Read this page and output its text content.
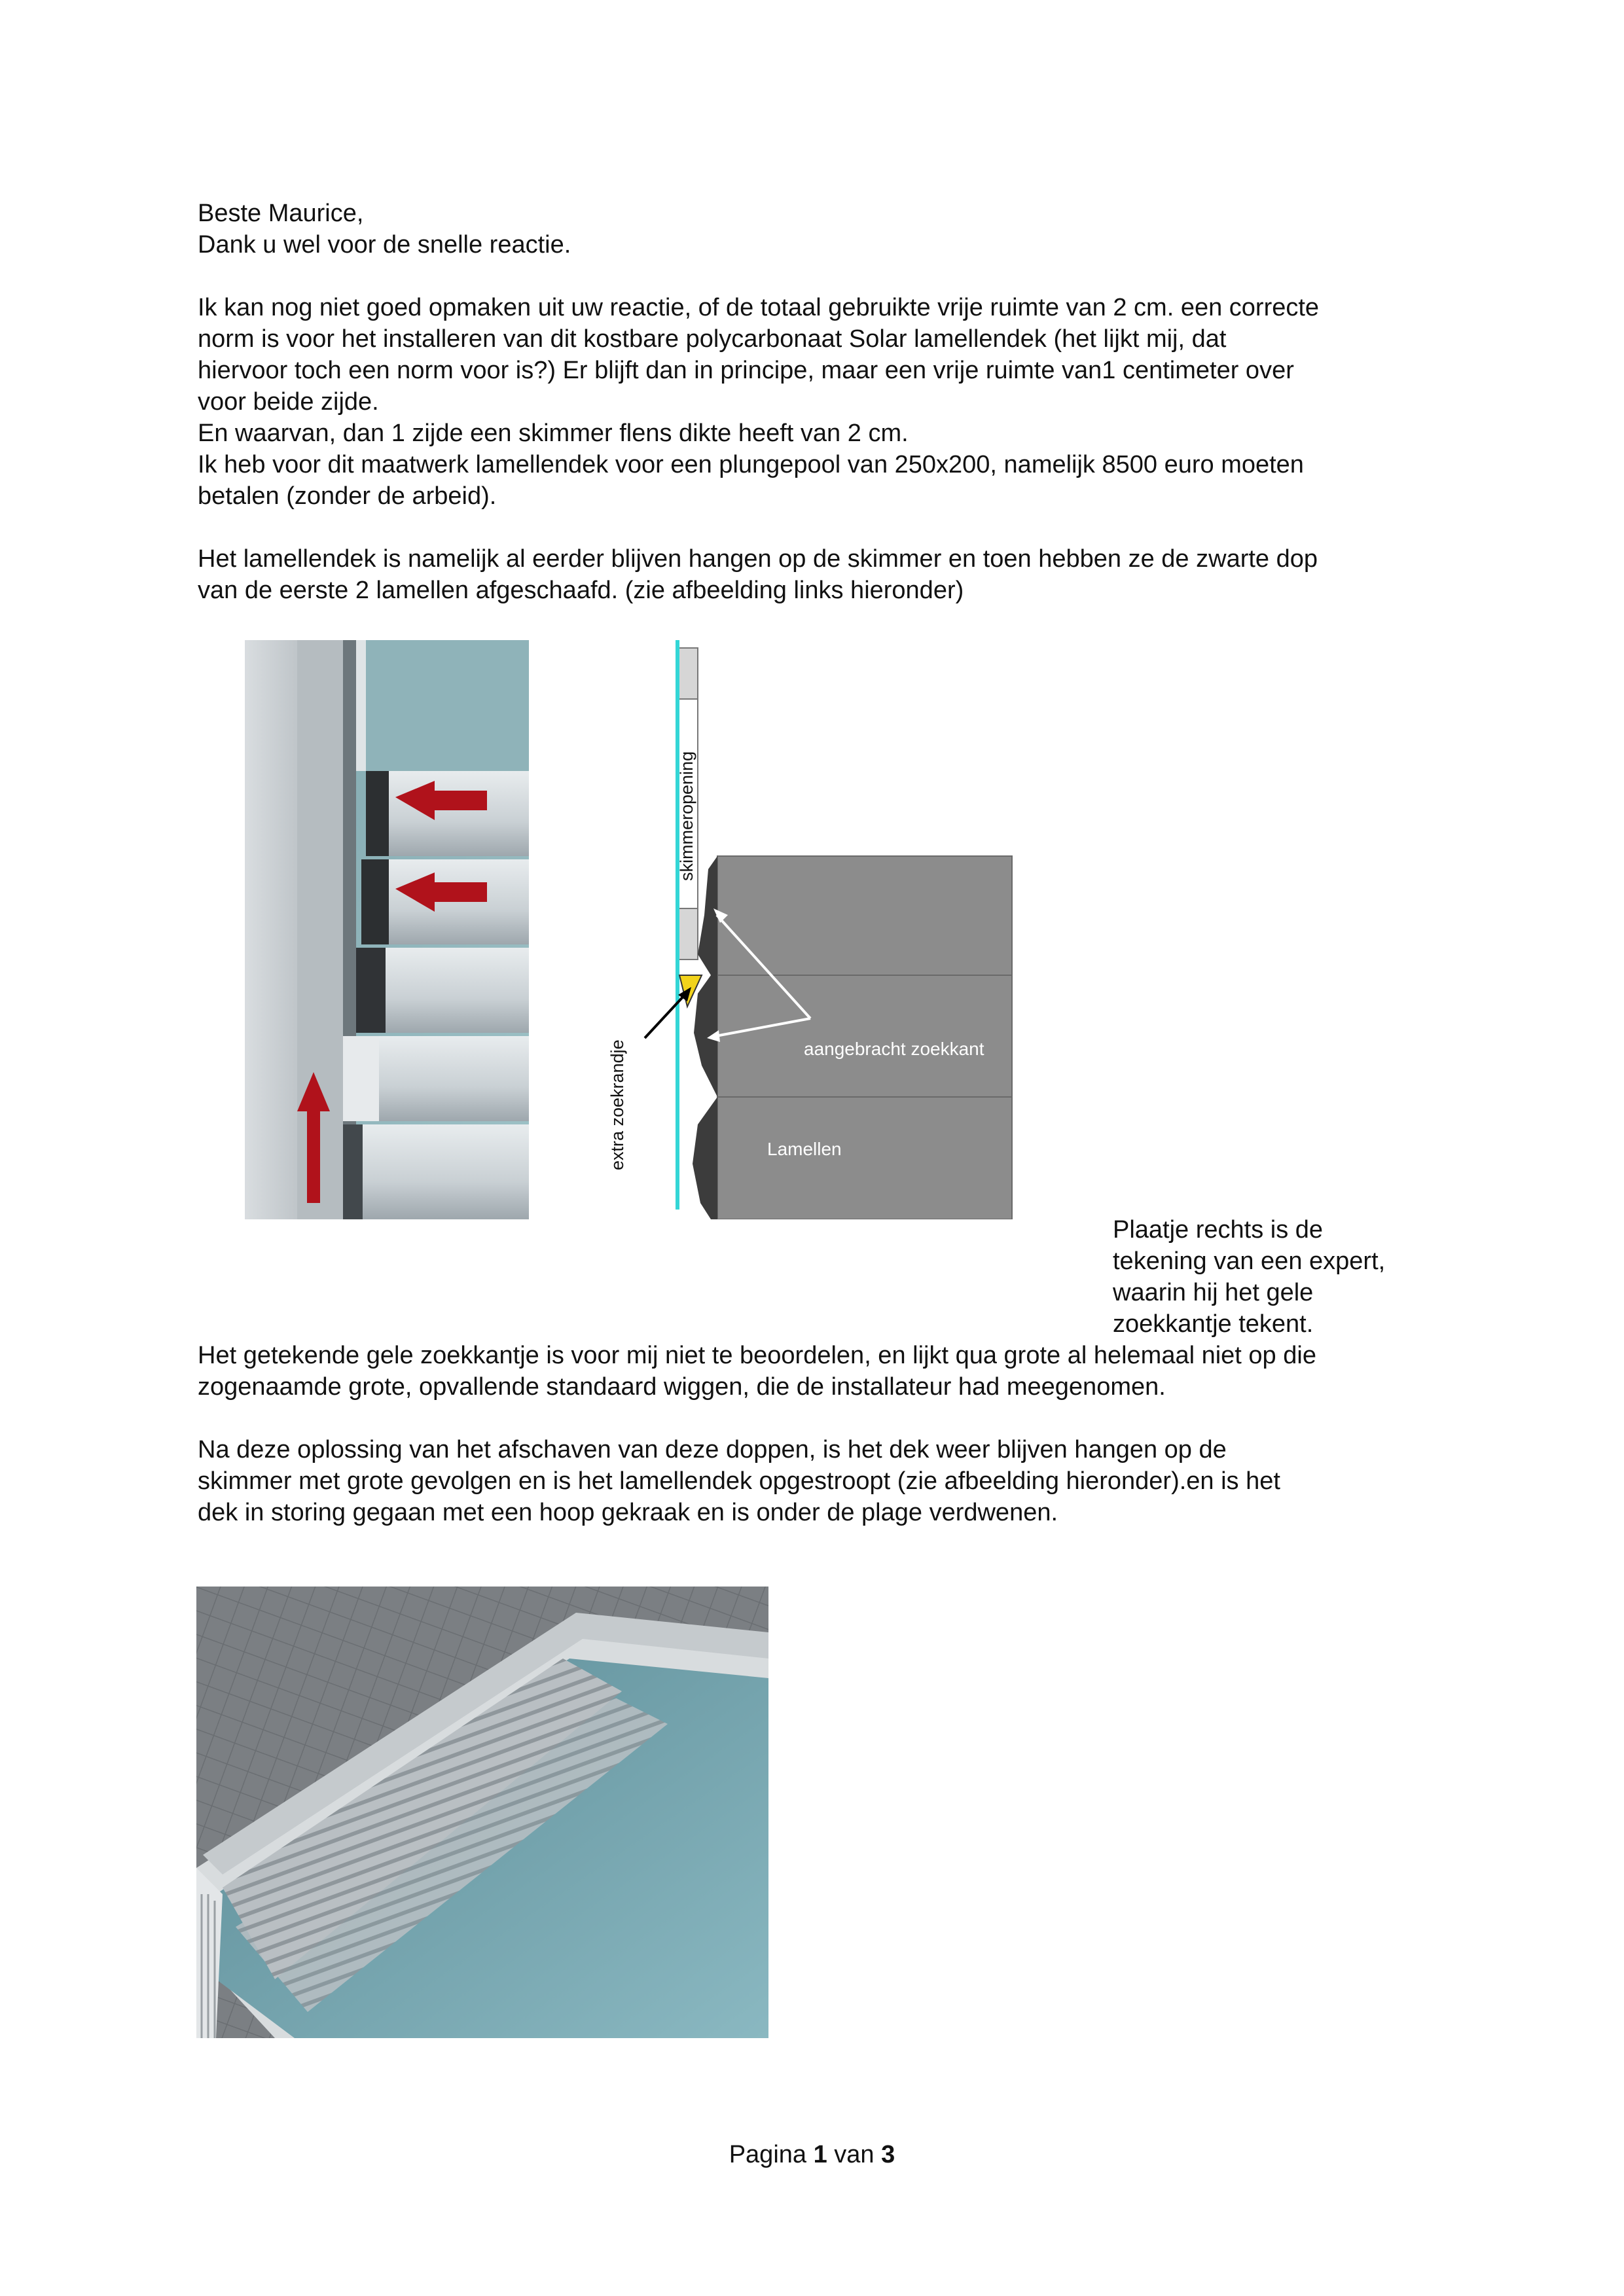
Beste Maurice,

Dank u wel voor de snelle reactie.

Ik kan nog niet goed opmaken uit uw reactie, of de totaal gebruikte vrije ruimte van 2 cm. een correcte

norm is voor het installeren van dit kostbare polycarbonaat Solar lamellendek (het lijkt mij, dat

hiervoor toch een norm voor is?) Er blijft dan in principe, maar een vrije ruimte van1 centimeter over

voor beide zijde.

En waarvan, dan 1 zijde een skimmer flens dikte heeft van 2 cm.

Ik heb voor dit maatwerk lamellendek voor een plungepool van 250x200, namelijk 8500 euro moeten

betalen (zonder de arbeid).

Het lamellendek is namelijk al eerder blijven hangen op de skimmer en toen hebben ze de zwarte dop

van de eerste 2 lamellen afgeschaafd. (zie afbeelding links hieronder)

skimmeropening
extra zoekrandje	aangebracht zoekkant
Lamellen

Plaatje rechts is de

tekening van een expert,

waarin hij het gele

zoekkantje tekent.

Het getekende gele zoekkantje is voor mij niet te beoordelen, en lijkt qua grote al helemaal niet op die

zogenaamde grote, opvallende standaard wiggen, die de installateur had meegenomen.

Na deze oplossing van het afschaven van deze doppen, is het dek weer blijven hangen op de

skimmer met grote gevolgen en is het lamellendek opgestroopt (zie afbeelding hieronder).en is het

dek in storing gegaan met een hoop gekraak en is onder de plage verdwenen.

Pagina 1 van 3
